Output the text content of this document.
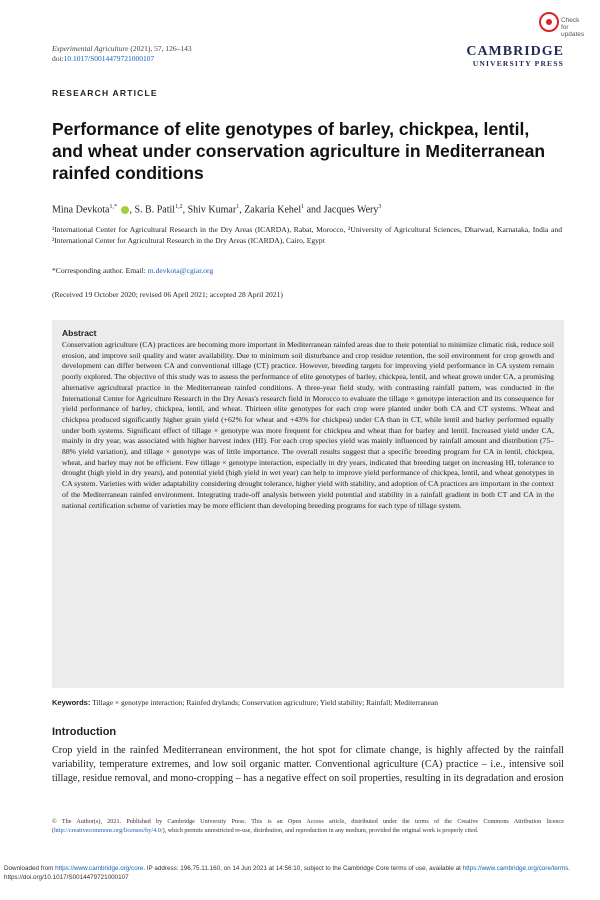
Experimental Agriculture (2021), 57, 126–143
doi:10.1017/S0014479721000107
Check for updates
CAMBRIDGE
UNIVERSITY PRESS
RESEARCH ARTICLE
Performance of elite genotypes of barley, chickpea, lentil, and wheat under conservation agriculture in Mediterranean rainfed conditions
Mina Devkota$^{1,*}$ , S. B. Patil$^{1,2}$, Shiv Kumar$^1$, Zakaria Kehel$^1$ and Jacques Wery$^3$
¹International Center for Agricultural Research in the Dry Areas (ICARDA), Rabat, Morocco, ²University of Agricultural Sciences, Dharwad, Karnataka, India and ³International Center for Agricultural Research in the Dry Areas (ICARDA), Cairo, Egypt
*Corresponding author. Email: m.devkota@cgiar.org
(Received 19 October 2020; revised 06 April 2021; accepted 28 April 2021)
Abstract

Conservation agriculture (CA) practices are becoming more important in Mediterranean rainfed areas due to their potential to minimize climatic risk, reduce soil erosion, and improve soil quality and water availability. Due to minimum soil disturbance and crop residue retention, the soil environment for crop growth and development can differ between CA and conventional tillage (CT) practice. However, breeding targets for improving yield performance in CA system remain poorly explored. The objective of this study was to assess the performance of elite genotypes of barley, chickpea, lentil, and wheat grown under CA, a promising alternative agricultural practice in the Mediterranean rainfed conditions. A three-year field study, with contrasting rainfall pattern, was conducted in the International Center for Agriculture Research in the Dry Areas's research field in Morocco to evaluate the tillage × genotype interaction and its consequence for yield performance of barley, chickpea, lentil, and wheat. Thirteen elite genotypes for each crop were planted under both CA and CT systems. Wheat and chickpea produced significantly higher grain yield (+62% for wheat and +43% for chickpea) under CA than in CT, while lentil and barley performed equally under both systems. Significant effect of tillage × genotype was more frequent for chickpea and wheat than for barley and lentil. Increased yield under CA, mainly in dry year, was associated with higher harvest index (HI). For each crop species yield was mainly influenced by rainfall amount and distribution (75–88% yield variation), and tillage × genotype was of little importance. The overall results suggest that a specific breeding program for CA in lentil, chickpea, wheat, and barley may not be efficient. Few tillage × genotype interaction, especially in dry years, indicated that breeding target on increasing HI, tolerance to drought (high yield in dry years), and potential yield (high yield in wet year) can help to improve yield performance of chickpea, lentil, and wheat genotypes in CA system. Varieties with wider adaptability considering drought tolerance, higher yield with stability, and adoption of CA practices are important in the context of the Mediterranean rainfed environment. Integrating trade-off analysis between yield potential and stability in a rainfall gradient in both CT and CA in the national certification scheme of varieties may be more efficient than developing breeding programs for each type of tillage system.

Keywords: Tillage × genotype interaction; Rainfed drylands; Conservation agriculture; Yield stability; Rainfall; Mediterranean
Introduction
Crop yield in the rainfed Mediterranean environment, the hot spot for climate change, is highly affected by the rainfall variability, temperature extremes, and low soil organic matter. Conventional agriculture (CA) practice – i.e., intensive soil tillage, residue removal, and mono-cropping – has a negative effect on soil properties, resulting in its degradation and erosion
© The Author(s), 2021. Published by Cambridge University Press. This is an Open Access article, distributed under the terms of the Creative Commons Attribution licence (http://creativecommons.org/licenses/by/4.0/), which permits unrestricted re-use, distribution, and reproduction in any medium, provided the original work is properly cited.
Downloaded from https://www.cambridge.org/core. IP address: 196.75.11.160, on 14 Jun 2021 at 14:56:10, subject to the Cambridge Core terms of use, available at https://www.cambridge.org/core/terms. https://doi.org/10.1017/S0014479721000107
